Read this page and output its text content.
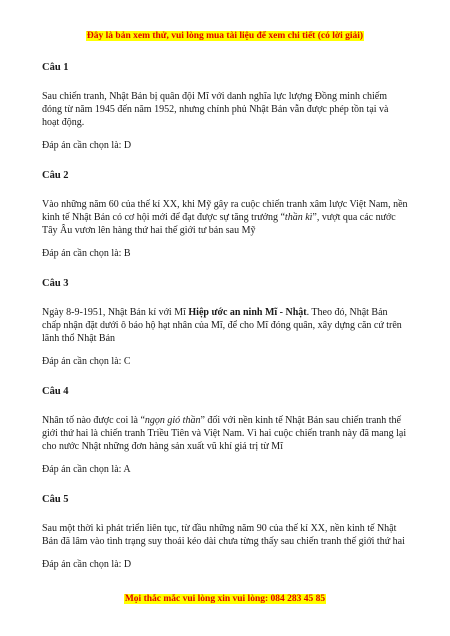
Đây là bản xem thử, vui lòng mua tài liệu để xem chi tiết (có lời giải)

Câu 1

Sau chiến tranh, Nhật Bản bị quân đội Mĩ với danh nghĩa lực lượng Đồng minh chiếm đóng từ năm 1945 đến năm 1952, nhưng chính phủ Nhật Bản vẫn được phép tồn tại và hoạt động.

Đáp án cần chọn là: D

Câu 2

Vào những năm 60 của thế kỉ XX, khi Mỹ gây ra cuộc chiến tranh xâm lược Việt Nam, nền kinh tế Nhật Bản có cơ hội mới để đạt được sự tăng trưởng “thần kì”, vượt qua các nước Tây Âu vươn lên hàng thứ hai thế giới tư bản sau Mỹ

Đáp án cần chọn là: B

Câu 3

Ngày 8-9-1951, Nhật Bản kí với Mĩ Hiệp ước an ninh Mĩ - Nhật. Theo đó, Nhật Bản chấp nhận đặt dưới ô bảo hộ hạt nhân của Mĩ, để cho Mĩ đóng quân, xây dựng căn cứ trên lãnh thổ Nhật Bản

Đáp án cần chọn là: C

Câu 4

Nhân tố nào được coi là “ngọn gió thần” đối với nền kinh tế Nhật Bản sau chiến tranh thế giới thứ hai là chiến tranh Triều Tiên và Việt Nam. Vì hai cuộc chiến tranh này đã mang lại cho nước Nhật những đơn hàng sản xuất vũ khí giá trị từ Mĩ

Đáp án cần chọn là: A

Câu 5

Sau một thời kì phát triển liên tục, từ đầu những năm 90 của thế kỉ XX, nền kinh tế Nhật Bản đã lâm vào tình trạng suy thoái kéo dài chưa từng thấy sau chiến tranh thế giới thứ hai

Đáp án cần chọn là: D

Mọi thắc mắc vui lòng xin vui lòng: 084 283 45 85
